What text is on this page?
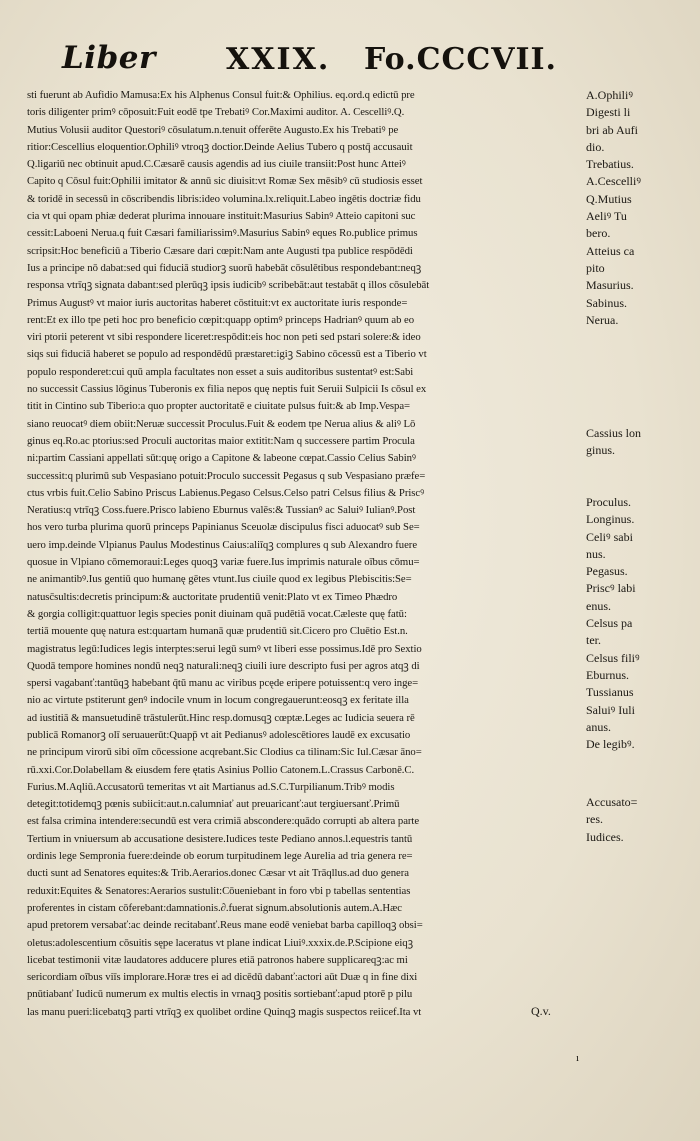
Liber XXIX. Fo.CCCVII.
sti fuerunt ab Aufidio Mamusa:Ex his Alphenus Consul fuit:& Ophilius. eq.ord.q edictū pre
toris diligenter primꝰ cōposuit:Fuit eodē tpe Trebatiꝰ Cor.Maximi auditor. A. Cescelliꝰ.Q.
Mutius Volusii auditor Questoriꝰ cōsulatum.n.tenuit offerēte Augusto.Ex his Trebatiꝰ pe
ritior:Cescellius eloquentior.Ophiliꝰ vtroqꝫ doctior.Deinde Aelius Tubero q postq̄ accusauit
Q.ligariū nec obtinuit apud.C.Cæsarē causis agendis ad ius ciuile transiit:Post hunc Atteiꝰ
Capito q Cōsul fuit:Ophilii imitator & annū sic diuisit:vt Romæ Sex mēsibꝰ cū studiosis esset
& toridē in secessū in cōscribendis libris:ideo volumina.lx.reliquit.Labeo ingētis doctriæ fidu
cia vt qui opam phiæ dederat plurima innouare instituit:Masurius Sabinꝰ Atteio capitoni suc
cessit:Laboeni Nerua.q fuit Cæsari familiarissimꝰ.Masurius Sabinꝰ eques Ro.publice primus
scripsit:Hoc beneficiū a Tiberio Cæsare dari cœpit:Nam ante Augusti tpa publice respōdēdi
Ius a principe nō dabat:sed qui fiduciā studiorꝫ suorū habebāt cōsulētibus respondebant:neqꝫ
responsa vtrīqꝫ signata dabant:sed plerūqꝫ ipsis iudicibꝰ scribebāt:aut testabāt q illos cōsulebāt
Primus Augustꝰ vt maior iuris auctoritas haberet cōstituit:vt ex auctoritate iuris responde=
rent:Et ex illo tpe peti hoc pro beneficio cœpit:quapp optimꝰ princeps Hadrianꝰ quum ab eo
viri ptorii peterent vt sibi respondere liceret:respōdit:eis hoc non peti sed pstari solere:& ideo
siqs sui fiduciā haberet se populo ad respondēdū præstaret:igiꝫ Sabino cōcessū est a Tiberio vt
populo responderet:cui quū ampla facultates non esset a suis auditoribus sustentatꝰ est:Sabi
no successit Cassius lōginus Tuberonis ex filia nepos quę neptis fuit Seruii Sulpicii Is cōsul ex
titit in Cintino sub Tiberio:a quo propter auctoritatē e ciuitate pulsus fuit:& ab Imp.Vespa=
siano reuocatꝰ diem obiit:Neruæ successit Proculus.Fuit & eodem tpe Nerua alius & aliꝰ Lō
ginus eq.Ro.ac ptorius:sed Proculi auctoritas maior extitit:Nam q successere partim Procula
ni:partim Cassiani appellati sūt:quę origo a Capitone & labeone cœpat.Cassio Celius Sabinꝰ
successit:q plurimū sub Vespasiano potuit:Proculo successit Pegasus q sub Vespasiano præfe=
ctus vrbis fuit.Celio Sabino Priscus Labienus.Pegaso Celsus.Celso patri Celsus filius & Priscꝰ
Neratius:q vtrīqꝫ Coss.fuere.Prisco labieno Eburnus valēs:& Tussianꝰ ac Saluiꝰ Iulianꝰ.Post
hos vero turba plurima quorū princeps Papinianus Sceuolæ discipulus fisci aduocatꝰ sub Se=
uero imp.deinde Vlpianus Paulus Modestinus Caius:aliīqꝫ complures q sub Alexandro fuere
quosue in Vlpiano cōmemoraui:Leges quoqꝫ variæ fuere.Ius imprimis naturale oībus cōmu=
ne animantibꝰ.Ius gentiū quo humanę gētes vtunt.Ius ciuile quod ex legibus Plebiscitis:Se=
natusc̄sultis:decretis principum:& auctoritate prudentiū venit:Plato vt ex Timeo Phædro
& gorgia colligit:quattuor legis species ponit diuinam quā pudētiā vocat.Cæleste quę fatū:
tertiā mouente quę natura est:quartam humanā quæ prudentiū sit.Cicero pro Cluētio Est.n.
magistratus legū:Iudices legis interptes:serui legū sumꝰ vt liberi esse possimus.Idē pro Sextio
Quodā tempore homines nondū neqꝫ naturali:neqꝫ ciuili iure descripto fusi per agros atqꝫ di
spersi vagabanť:tantūqꝫ habebant q̄tū manu ac viribus pcęde eripere potuissent:q vero inge=
nio ac virtute pstiterunt genꝰ indocile vnum in locum congregauerunt:eosqꝫ ex feritate illa
ad iustitiā & mansuetudinē trāstulerūt.Hinc resp.domusqꝫ cœptæ.Leges ac Iudicia seuera rē
publicā Romanorꝫ olī seruauerūt:Quapp̄ vt ait Pedianusꝰ adolescētiores laudē ex excusatio
ne principum virorū sibi oīm cōcessione acqrebant.Sic Clodius ca tilinam:Sic Iul.Cæsar āno=
rū.xxi.Cor.Dolabellam & eiusdem fere ętatis Asinius Pollio Catonem.L.Crassus Carbonē.C.
Furius.M.Aqliū.Accusatorū temeritas vt ait Martianus ad.S.C.Turpilianum.Tribꝰ modis
detegit:totidemqꝫ pœnis subiicit:aut.n.calumniať aut preuaricanť:aut tergiuersanť.Primū
est falsa crimina intendere:secundū est vera crimiā abscondere:quādo corrupti ab altera parte
Tertium in vniuersum ab accusatione desistere.Iudices teste Pediano annos.l.equestris tantū
ordinis lege Sempronia fuere:deinde ob eorum turpitudinem lege Aurelia ad tria genera re=
ducti sunt ad Senatores equites:& Trib.Aerarios.donec Cæsar vt ait Trāqllus.ad duo genera
reduxit:Equites & Senatores:Aerarios sustulit:Cōueniebant in foro vbi p tabellas sententias
proferentes in cistam cōferebant:damnationis.∂.fuerat signum.absolutionis autem.A.Hæc
apud pretorem versabať:ac deinde recitabanť.Reus mane eodē veniebat barba capilloqꝫ obsi=
oletus:adolescentium cōsuitis sępe laceratus vt plane indicat Liuiꝰ.xxxix.de.P.Scipione eiqꝫ
licebat testimonii vitæ laudatores adducere plures etiā patronos habere supplicareqꝫ:ac mi
sericordiam oībus viīs implorare.Horæ tres ei ad dicēdū dabanť:actori aūt Duæ q in fine dixi
pnūtiabanť Iudicū numerum ex multis electis in vrnaqꝫ positis sortiebanť:apud ptorē p pilu
las manu pueri:licebatqꝫ parti vtrīqꝫ ex quolibet ordine Quinqꝫ magis suspectos reiicef.Ita vt
A.Ophiliꝰ
Digesti li
bri ab Aufi
dio.
Trebatius.
A.Cescelliꝰ
Q.Mutius
Aeliꝰ Tu
bero.
Atteius ca
pito
Masurius.
Sabinus.
Nerua.
Cassius lon
ginus.
Proculus.
Longinus.
Celiꝰ sabi
nus.
Pegasus.
Priscꝰ labi
enus.
Celsus pa
ter.
Celsus filiꝰ
Eburnus.
Tussianus
Saluiꝰ Iuli
anus.
De legibꝰ.
Accusato=
res.
Iudices.
Q.v.
ı
